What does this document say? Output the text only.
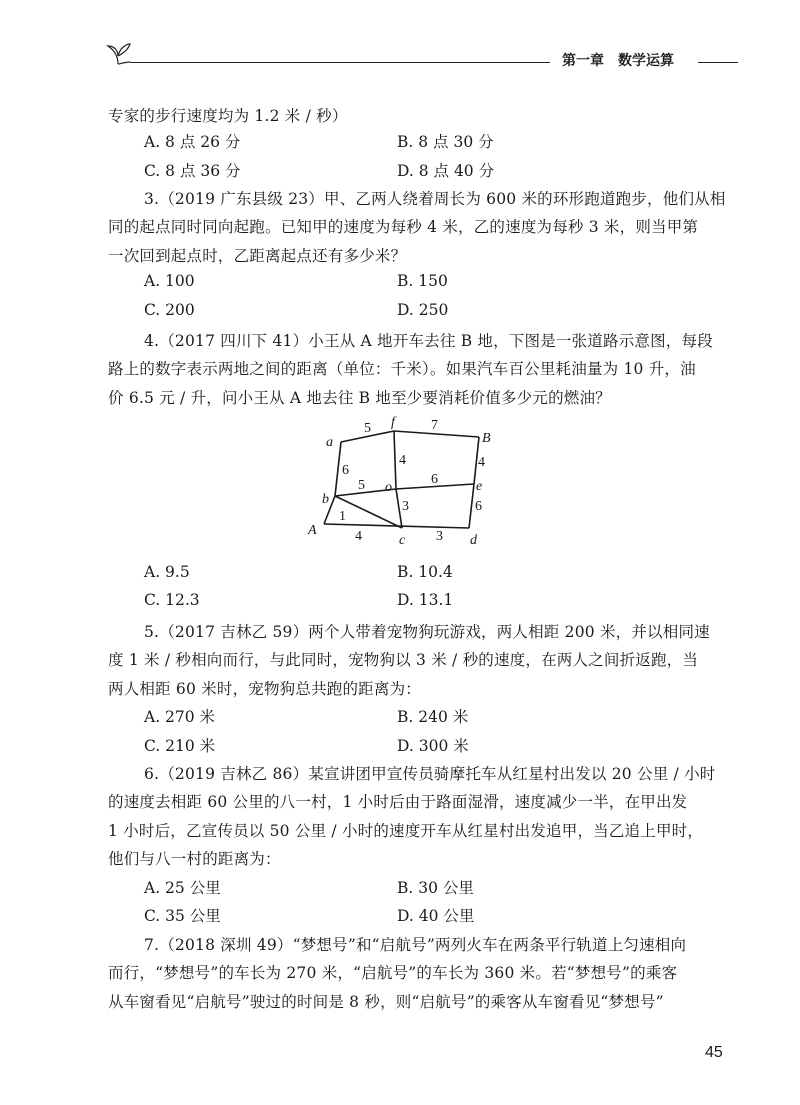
第一章　数学运算
专家的步行速度均为 1.2 米 / 秒）
A. 8 点 26 分	B. 8 点 30 分
C. 8 点 36 分	D. 8 点 40 分
3.（2019 广东县级 23）甲、乙两人绕着周长为 600 米的环形跑道跑步，他们从相
同的起点同时同向起跑。已知甲的速度为每秒 4 米，乙的速度为每秒 3 米，则当甲第
一次回到起点时，乙距离起点还有多少米？
A. 100	B. 150
C. 200	D. 250
4.（2017 四川下 41）小王从 A 地开车去往 B 地，下图是一张道路示意图，每段
路上的数字表示两地之间的距离（单位：千米）。如果汽车百公里耗油量为 10 升，油
价 6.5 元 / 升，问小王从 A 地去往 B 地至少要消耗价值多少元的燃油？
a
f
B
b
o	e
A
c	d
5	7
6
4	4
5	6
1
3	6
4	3
A. 9.5	B. 10.4
C. 12.3	D. 13.1
5.（2017 吉林乙 59）两个人带着宠物狗玩游戏，两人相距 200 米，并以相同速
度 1 米 / 秒相向而行，与此同时，宠物狗以 3 米 / 秒的速度，在两人之间折返跑，当
两人相距 60 米时，宠物狗总共跑的距离为：
A. 270 米	B. 240 米
C. 210 米	D. 300 米
6.（2019 吉林乙 86）某宣讲团甲宣传员骑摩托车从红星村出发以 20 公里 / 小时
的速度去相距 60 公里的八一村，1 小时后由于路面湿滑，速度减少一半，在甲出发
1 小时后，乙宣传员以 50 公里 / 小时的速度开车从红星村出发追甲，当乙追上甲时，
他们与八一村的距离为：
A. 25 公里	B. 30 公里
C. 35 公里	D. 40 公里
7.（2018 深圳 49）“梦想号”和“启航号”两列火车在两条平行轨道上匀速相向
而行，“梦想号”的车长为 270 米，“启航号”的车长为 360 米。若“梦想号”的乘客
从车窗看见“启航号”驶过的时间是 8 秒，则“启航号”的乘客从车窗看见“梦想号”
45
